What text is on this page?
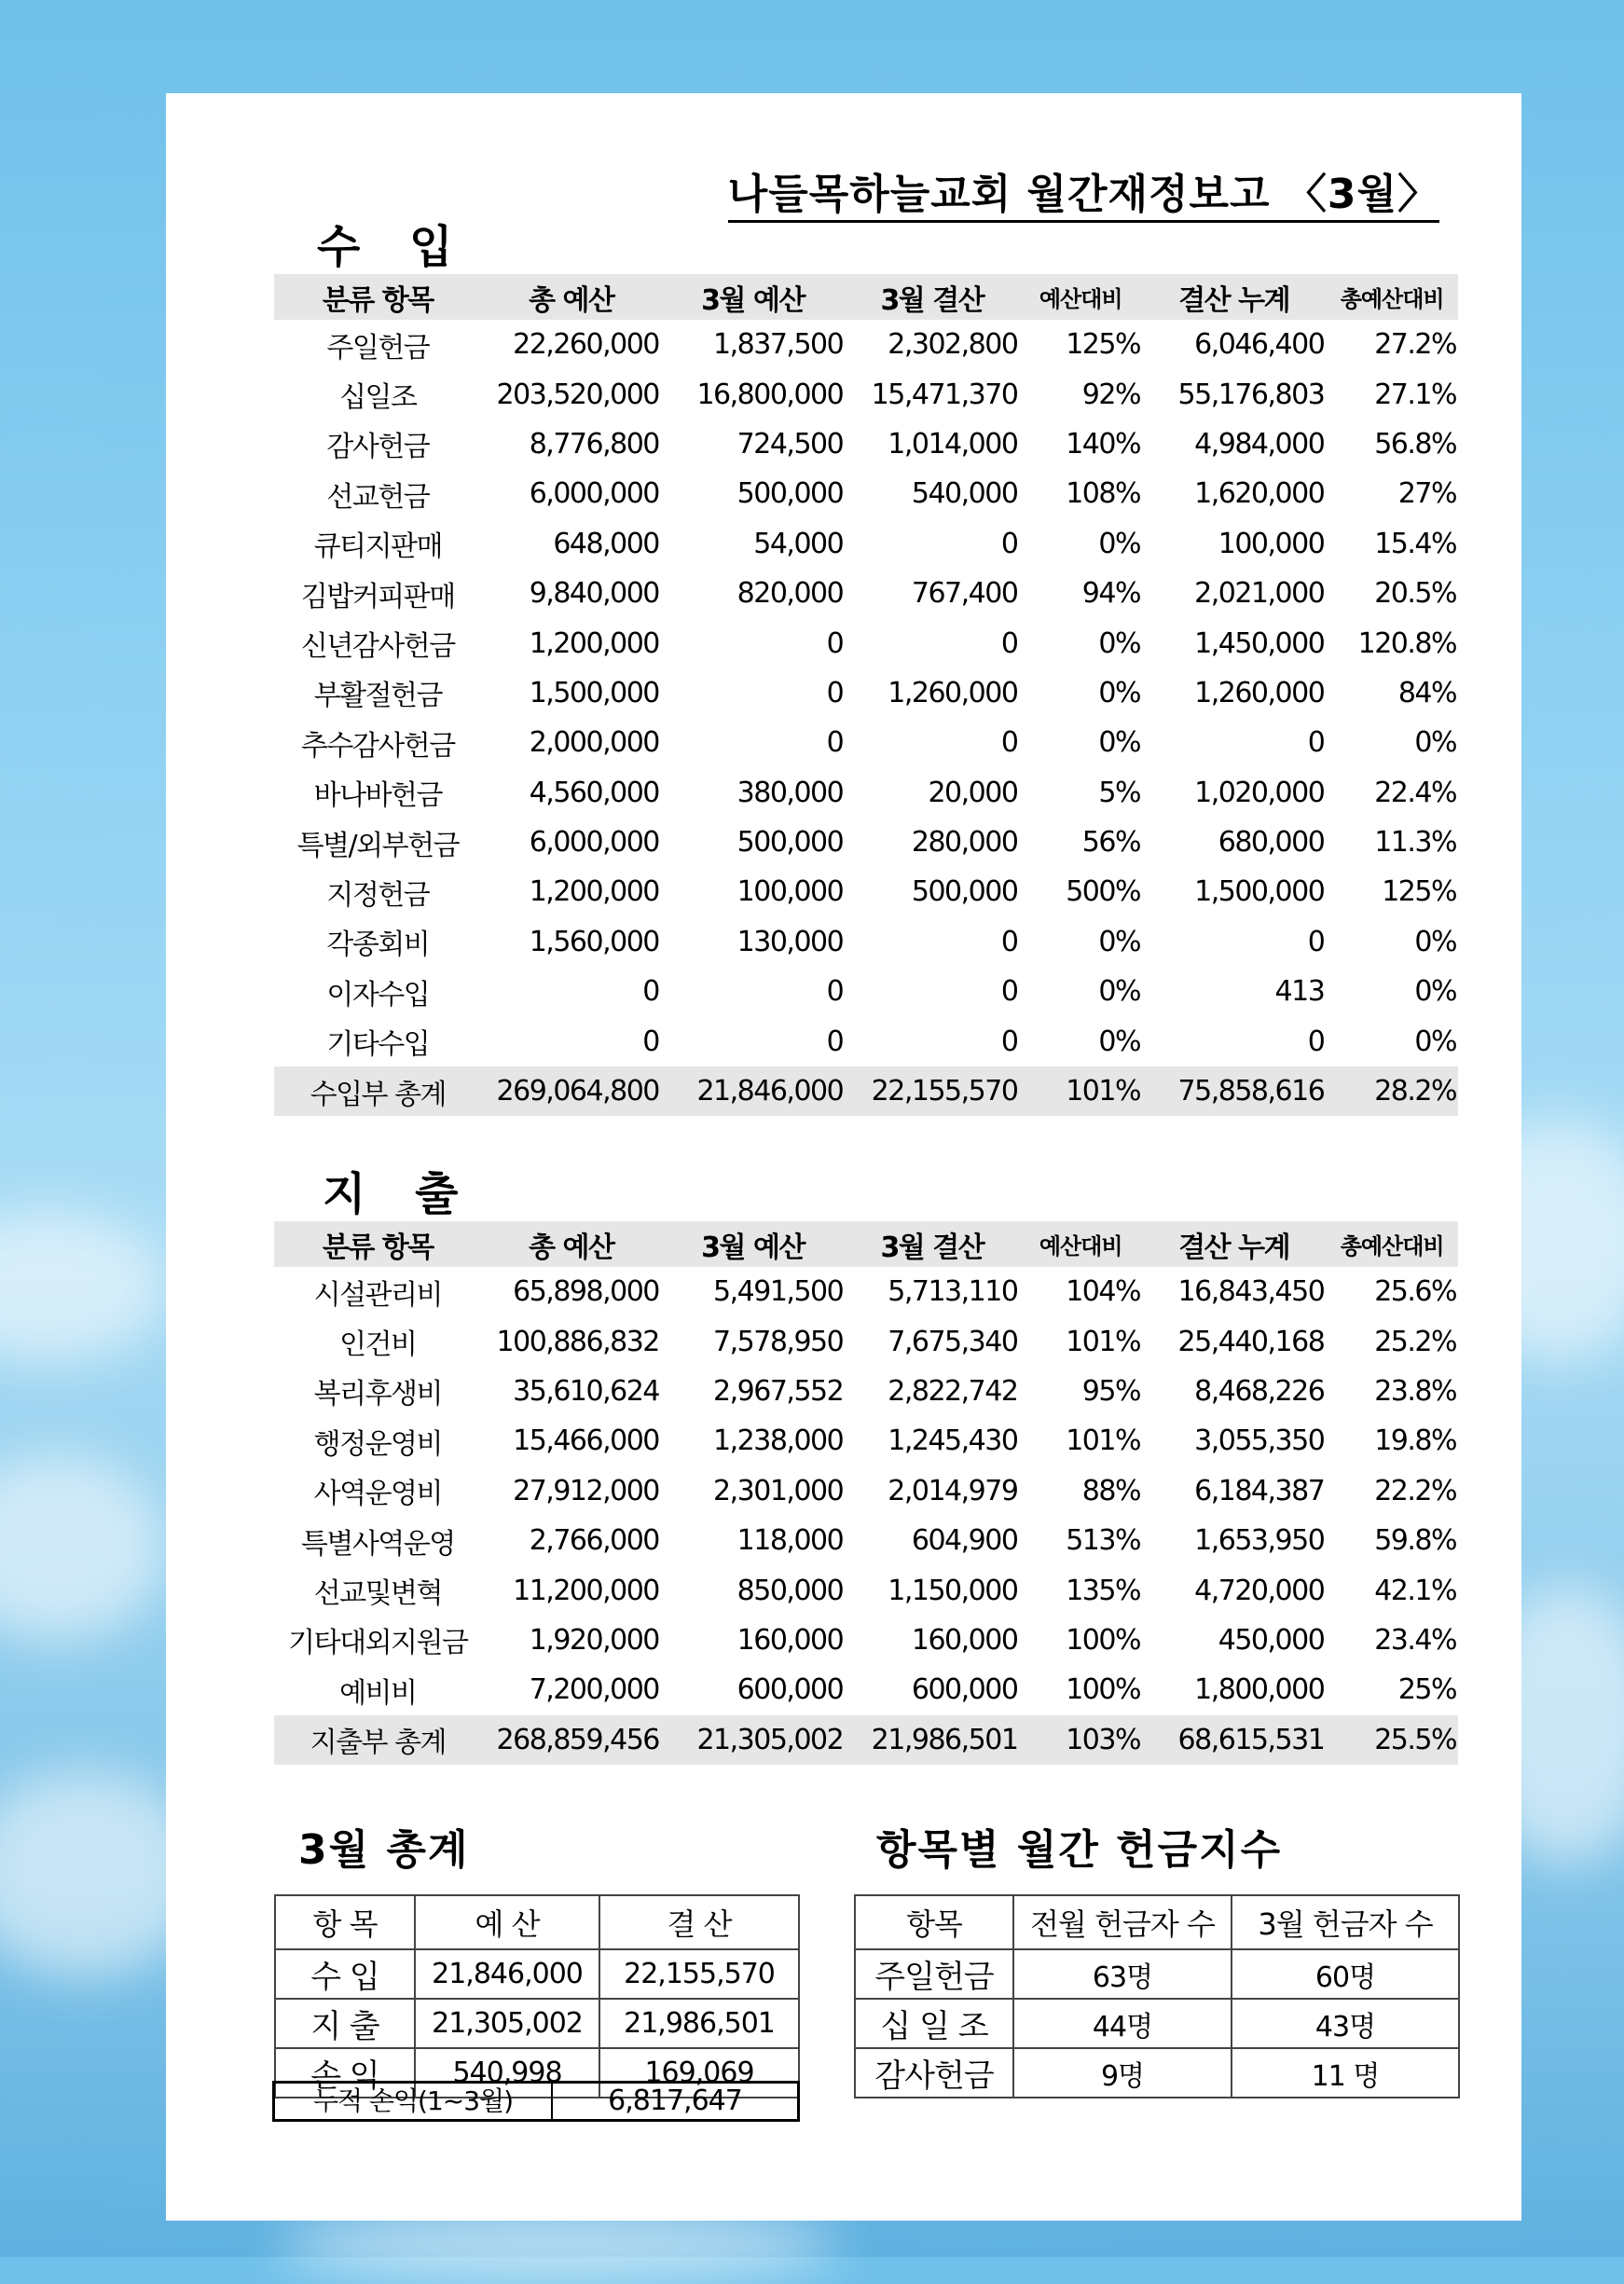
나들목하늘교회 월간재정보고 〈3월〉
수 입
분류 항목	총 예산	3월 예산	3월 결산	예산대비	결산 누계	총예산대비
주일헌금	22,260,000	1,837,500	2,302,800	125%	6,046,400	27.2%
십일조	203,520,000	16,800,000	15,471,370	92%	55,176,803	27.1%
감사헌금	8,776,800	724,500	1,014,000	140%	4,984,000	56.8%
선교헌금	6,000,000	500,000	540,000	108%	1,620,000	27%
큐티지판매	648,000	54,000	0	0%	100,000	15.4%
김밥커피판매	9,840,000	820,000	767,400	94%	2,021,000	20.5%
신년감사헌금	1,200,000	0	0	0%	1,450,000	120.8%
부활절헌금	1,500,000	0	1,260,000	0%	1,260,000	84%
추수감사헌금	2,000,000	0	0	0%	0	0%
바나바헌금	4,560,000	380,000	20,000	5%	1,020,000	22.4%
특별/외부헌금	6,000,000	500,000	280,000	56%	680,000	11.3%
지정헌금	1,200,000	100,000	500,000	500%	1,500,000	125%
각종회비	1,560,000	130,000	0	0%	0	0%
이자수입	0	0	0	0%	413	0%
기타수입	0	0	0	0%	0	0%
수입부 총계	269,064,800	21,846,000	22,155,570	101%	75,858,616	28.2%
지 출
분류 항목	총 예산	3월 예산	3월 결산	예산대비	결산 누계	총예산대비
시설관리비	65,898,000	5,491,500	5,713,110	104%	16,843,450	25.6%
인건비	100,886,832	7,578,950	7,675,340	101%	25,440,168	25.2%
복리후생비	35,610,624	2,967,552	2,822,742	95%	8,468,226	23.8%
행정운영비	15,466,000	1,238,000	1,245,430	101%	3,055,350	19.8%
사역운영비	27,912,000	2,301,000	2,014,979	88%	6,184,387	22.2%
특별사역운영	2,766,000	118,000	604,900	513%	1,653,950	59.8%
선교및변혁	11,200,000	850,000	1,150,000	135%	4,720,000	42.1%
기타대외지원금	1,920,000	160,000	160,000	100%	450,000	23.4%
예비비	7,200,000	600,000	600,000	100%	1,800,000	25%
지출부 총계	268,859,456	21,305,002	21,986,501	103%	68,615,531	25.5%
3월 총계	항목별 월간 헌금지수
항 목	예 산	결 산
수 입	21,846,000	22,155,570
지 출	21,305,002	21,986,501
손 익	540,998	169,069
누적 손익(1~3월)	6,817,647
항목	전월 헌금자 수	3월 헌금자 수
주일헌금	63명	60명
십 일 조	44명	43명
감사헌금	9명	11 명
